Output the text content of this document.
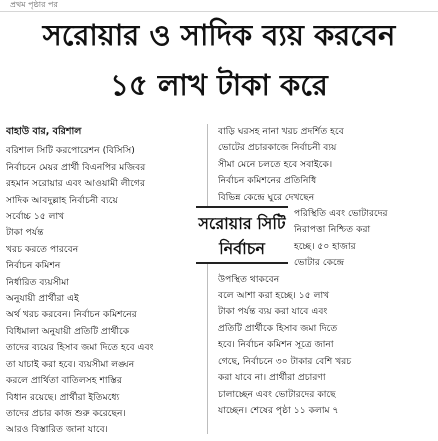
প্রথম পৃষ্ঠার পর
সরোয়ার ও সাদিক ব্যয় করবেন
১৫ লাখ টাকা করে

বাহাউ বার, বরিশাল

বরিশাল সিটি করপোরেশন (বিসিসি)

নির্বাচনে মেয়র প্রার্থী বিএনপির মজিবর

রহমান সরোয়ার এবং আওয়ামী লীগের

সাদিক আবদুল্লাহ নির্বাচনী ব্যয়ে

সর্বোচ্চ ১৫ লাখ

টাকা পর্যন্ত

খরচ করতে পারবেন

নির্বাচন কমিশন

নির্ধারিত ব্যয়সীমা

অনুযায়ী প্রার্থীরা এই

অর্থ খরচ করবেন। নির্বাচন কমিশনের

বিধিমালা অনুযায়ী প্রতিটি প্রার্থীকে

তাদের ব্যয়ের হিসাব জমা দিতে হবে এবং

তা যাচাই করা হবে। ব্যয়সীমা লঙ্ঘন

করলে প্রার্থিতা বাতিলসহ শাস্তির

বিধান রয়েছে। প্রার্থীরা ইতিমধ্যে

তাদের প্রচার কাজ শুরু করেছেন।

আরও বিস্তারিত জানা যাবে।

বাড়ি ঘরসহ নানা খরচ প্রদর্শিত হবে

ভোটের প্রচারকাজে নির্বাচনী ব্যয়

সীমা মেনে চলতে হবে সবাইকে।

নির্বাচন কমিশনের প্রতিনিধি

বিভিন্ন কেন্দ্রে ঘুরে দেখছেন

পরিস্থিতি এবং ভোটারদের

নিরাপত্তা নিশ্চিত করা

হচ্ছে। ৫০ হাজার

ভোটার কেন্দ্রে

উপস্থিত থাকবেন

বলে আশা করা হচ্ছে। ১৫ লাখ

টাকা পর্যন্ত ব্যয় করা যাবে এবং

প্রতিটি প্রার্থীকে হিসাব জমা দিতে

হবে। নির্বাচন কমিশন সূত্রে জানা

গেছে, নির্বাচনে ৩০ টাকার বেশি খরচ

করা যাবে না। প্রার্থীরা প্রচারণা

চালাচ্ছেন এবং ভোটারদের কাছে

যাচ্ছেন। শেষের পৃষ্ঠা ১১ কলাম ৭

সরোয়ার সিটি
নির্বাচন
